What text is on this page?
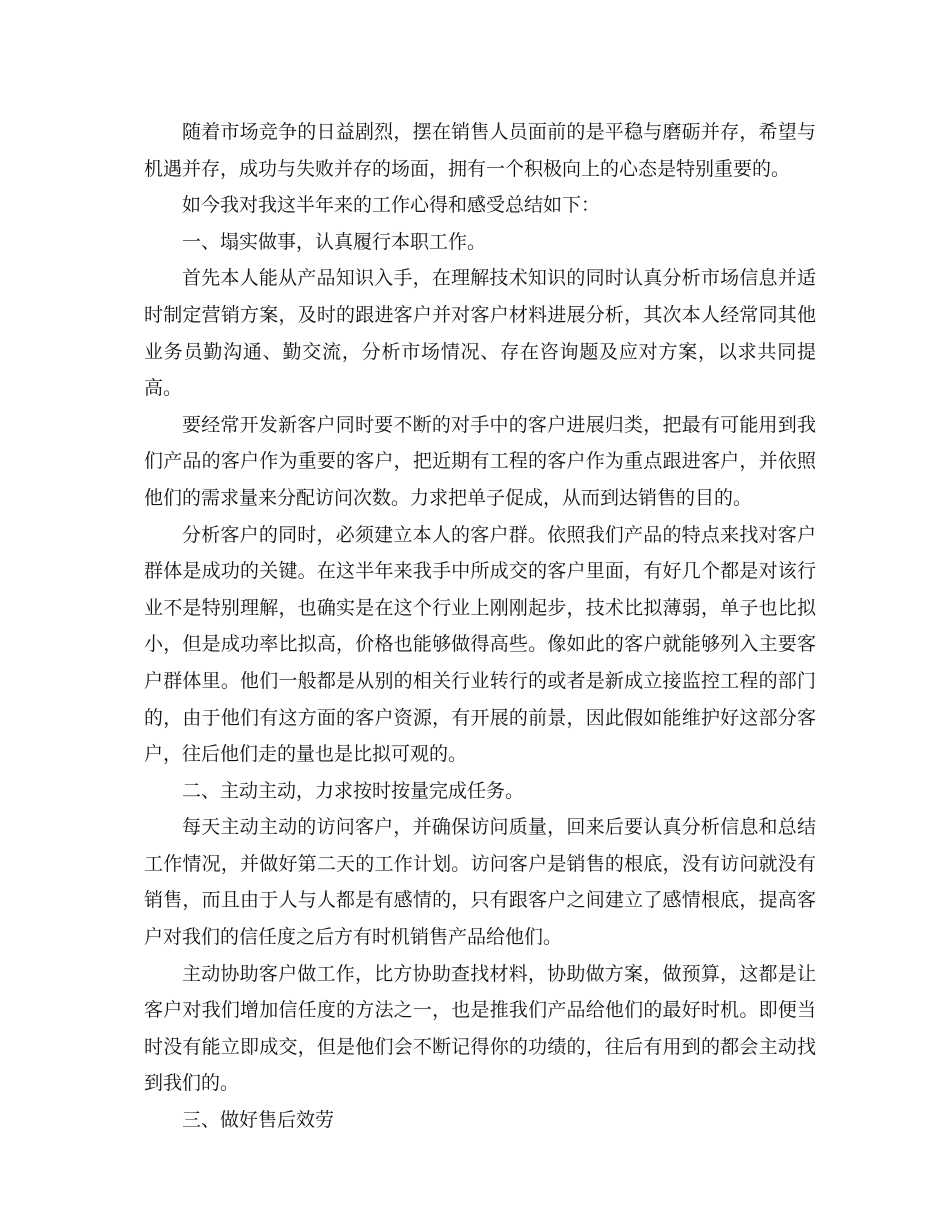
随着市场竞争的日益剧烈，摆在销售人员面前的是平稳与磨砺并存，希望与机遇并存，成功与失败并存的场面，拥有一个积极向上的心态是特别重要的。

如今我对我这半年来的工作心得和感受总结如下：

一、塌实做事，认真履行本职工作。

首先本人能从产品知识入手，在理解技术知识的同时认真分析市场信息并适时制定营销方案，及时的跟进客户并对客户材料进展分析，其次本人经常同其他业务员勤沟通、勤交流，分析市场情况、存在咨询题及应对方案，以求共同提高。

要经常开发新客户同时要不断的对手中的客户进展归类，把最有可能用到我们产品的客户作为重要的客户，把近期有工程的客户作为重点跟进客户，并依照他们的需求量来分配访问次数。力求把单子促成，从而到达销售的目的。

分析客户的同时，必须建立本人的客户群。依照我们产品的特点来找对客户群体是成功的关键。在这半年来我手中所成交的客户里面，有好几个都是对该行业不是特别理解，也确实是在这个行业上刚刚起步，技术比拟薄弱，单子也比拟小，但是成功率比拟高，价格也能够做得高些。像如此的客户就能够列入主要客户群体里。他们一般都是从别的相关行业转行的或者是新成立接监控工程的部门的，由于他们有这方面的客户资源，有开展的前景，因此假如能维护好这部分客户，往后他们走的量也是比拟可观的。

二、主动主动，力求按时按量完成任务。

每天主动主动的访问客户，并确保访问质量，回来后要认真分析信息和总结工作情况，并做好第二天的工作计划。访问客户是销售的根底，没有访问就没有销售，而且由于人与人都是有感情的，只有跟客户之间建立了感情根底，提高客户对我们的信任度之后方有时机销售产品给他们。

主动协助客户做工作，比方协助查找材料，协助做方案，做预算，这都是让客户对我们增加信任度的方法之一，也是推我们产品给他们的最好时机。即便当时没有能立即成交，但是他们会不断记得你的功绩的，往后有用到的都会主动找到我们的。

三、做好售后效劳
